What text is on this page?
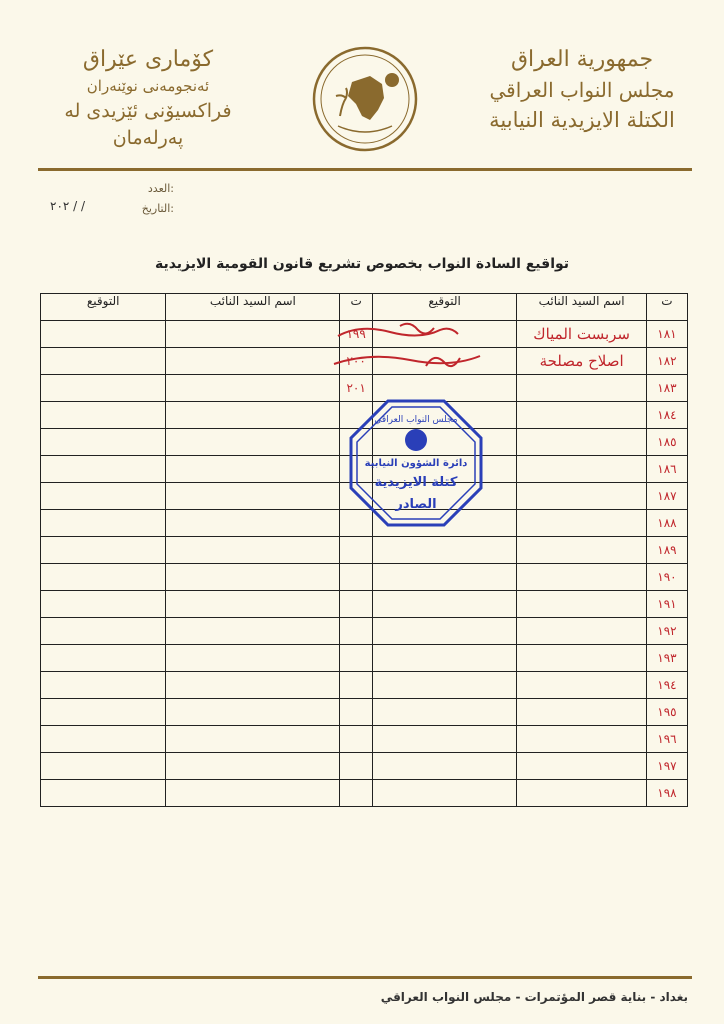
جمهورية العراق
مجلس النواب العراقي
الكتلة الايزيدية النيابية
كۆماری عێراق
ئەنجومەنی نوێنەران
فراکسیۆنی ئێزیدی لە پەرلەمان
العدد:
التاريخ:
/ / ٢٠٢
تواقيع السادة النواب بخصوص تشريع قانون القومية الايزيدية
ت	اسم السيد النائب	التوقيع	ت	اسم السيد النائب	التوقيع
١٨١	سربست المياك		١٩٩		
١٨٢	اصلاح مصلحة		٢٠٠		
١٨٣			٢٠١		
١٨٤					
١٨٥					
١٨٦					
١٨٧					
١٨٨					
١٨٩					
١٩٠					
١٩١					
١٩٢					
١٩٣					
١٩٤					
١٩٥					
١٩٦					
١٩٧					
١٩٨					
مجلس النواب العراقي
دائرة الشؤون النيابية
كتلة الايزيدية
الصادر
بغداد - بناية قصر المؤتمرات - مجلس النواب العراقي
